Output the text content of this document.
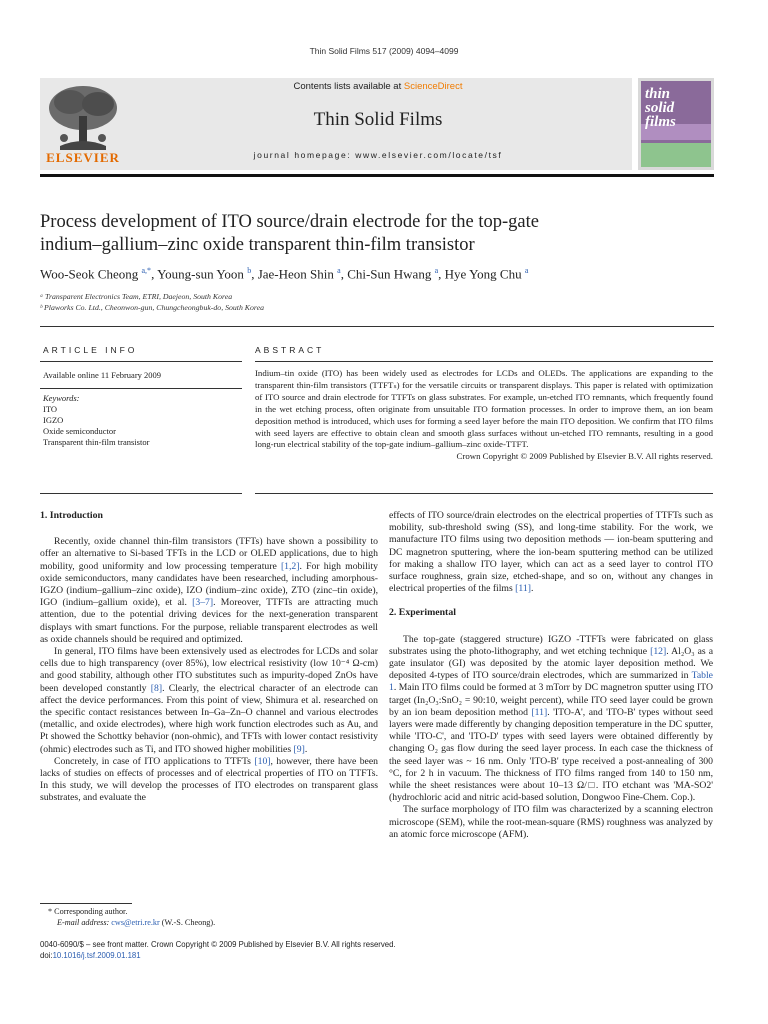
Thin Solid Films 517 (2009) 4094–4099
ELSEVIER
Contents lists available at ScienceDirect
Thin Solid Films
journal homepage: www.elsevier.com/locate/tsf
thin
solid
films
Process development of ITO source/drain electrode for the top-gate
indium–gallium–zinc oxide transparent thin-film transistor
Woo-Seok Cheong $^{a,*}$, Young-sun Yoon $^b$, Jae-Heon Shin $^a$, Chi-Sun Hwang $^a$, Hye Yong Chu $^a$
ᵃ Transparent Electronics Team, ETRI, Daejeon, South Korea
ᵇ Plaworks Co. Ltd., Cheonwon-gun, Chungcheongbuk-do, South Korea
ARTICLE INFO
Available online 11 February 2009
Keywords:
ITO
IGZO
Oxide semiconductor
Transparent thin-film transistor
ABSTRACT
Indium–tin oxide (ITO) has been widely used as electrodes for LCDs and OLEDs. The applications are expanding to the transparent thin-film transistors (TTFTₛ) for the versatile circuits or transparent displays. This paper is related with optimization of ITO source and drain electrode for TTFTs on glass substrates. For example, un-etched ITO remnants, which frequently found in the wet etching process, often originate from unsuitable ITO formation processes. In order to improve them, an ion beam deposition method is introduced, which uses for forming a seed layer before the main ITO deposition. We confirm that ITO films with seed layers are effective to obtain clean and smooth glass surfaces without un-etched ITO remnants, resulting in a good long-run electrical stability of the top-gate indium–gallium–zinc oxide-TTFT.
Crown Copyright © 2009 Published by Elsevier B.V. All rights reserved.

1. Introduction

Recently, oxide channel thin-film transistors (TFTs) have shown a possibility to offer an alternative to Si-based TFTs in the LCD or OLED applications, due to high mobility, good uniformity and low processing temperature [1,2]. For high mobility oxide semiconductors, many candidates have been researched, including amorphous-IGZO (indium–gallium–zinc oxide), IZO (indium–zinc oxide), ZTO (zinc–tin oxide), IGO (indium–gallium oxide), et al. [3–7]. Moreover, TTFTs are attracting much attention, due to the potential driving devices for the next-generation transparent displays with smart functions. For the purpose, reliable transparent electrodes as well as oxide channels should be required and optimized.

In general, ITO films have been extensively used as electrodes for LCDs and solar cells due to high transparency (over 85%), low electrical resistivity (low 10⁻⁴ Ω-cm) and good stability, although other ITO substitutes such as impurity-doped ZnOs have been developed constantly [8]. Clearly, the electrical character of an electrode can affect the device performances. From this point of view, Shimura et al. researched on the specific contact resistances between In–Ga–Zn–O channel and various electrodes (metallic, and oxide electrodes), where high work function electrodes such as Au, and Pt showed the Schottky behavior (non-ohmic), and TFTs with lower contact resistivity (ohmic) electrodes such as Ti, and ITO showed higher mobilities [9].

Concretely, in case of ITO applications to TTFTs [10], however, there have been lacks of studies on effects of processes and of electrical properties of ITO on TTFTs. In this study, we will develop the processes of ITO electrodes on transparent glass substrates, and evaluate the

* Corresponding author.
E-mail address: cws@etri.re.kr (W.-S. Cheong).

effects of ITO source/drain electrodes on the electrical properties of TTFTs such as mobility, sub-threshold swing (SS), and long-time stability. For the work, we manufacture ITO films using two deposition methods — ion-beam sputtering and DC magnetron sputtering, where the ion-beam sputtering method can be utilized for making a shallow ITO layer, which can act as a seed layer to control ITO surface roughness, grain size, etched-shape, and so on, without any changes in electrical properties of the films [11].

2. Experimental

The top-gate (staggered structure) IGZO -TTFTs were fabricated on glass substrates using the photo-lithography, and wet etching technique [12]. Al₂O₃ as a gate insulator (GI) was deposited by the atomic layer deposition method. We deposited 4-types of ITO source/drain electrodes, which are summarized in Table 1. Main ITO films could be formed at 3 mTorr by DC magnetron sputter using ITO target (In₂O₃:SnO₂ = 90:10, weight percent), while ITO seed layer could be grown by an ion beam deposition method [11]. 'ITO-A', and 'ITO-B' types without seed layers were made differently by changing deposition temperature in the DC sputter, while 'ITO-C', and 'ITO-D' types with seed layers were obtained differently by changing O₂ gas flow during the seed layer process. In each case the thickness of the seed layer was ~ 16 nm. Only 'ITO-B' type received a post-annealing of 300 °C, for 2 h in vacuum. The thickness of ITO films ranged from 140 to 150 nm, while the sheet resistances were about 10–13 Ω/□. ITO etchant was 'MA-SO2' (hydrochloric acid and nitric acid-based solution, Dongwoo Fine-Chem. Cop.).

The surface morphology of ITO film was characterized by a scanning electron microscope (SEM), while the root-mean-square (RMS) roughness was analyzed by an atomic force microscope (AFM).

0040-6090/$ – see front matter. Crown Copyright © 2009 Published by Elsevier B.V. All rights reserved.
doi:10.1016/j.tsf.2009.01.181
